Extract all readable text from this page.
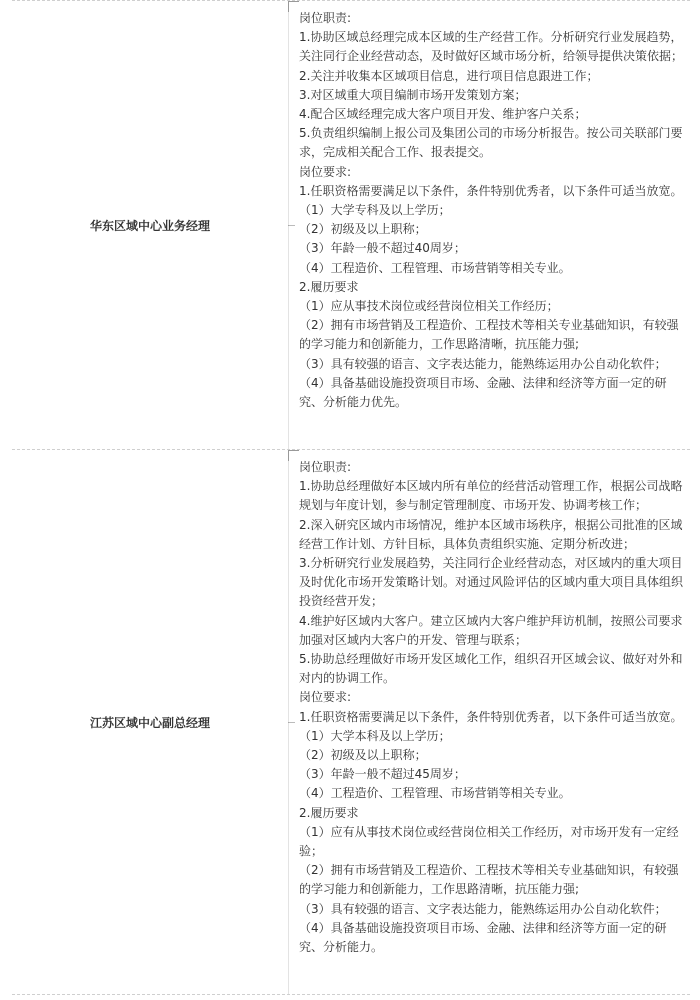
华东区域中心业务经理
岗位职责:
1.协助区域总经理完成本区域的生产经营工作。分析研究行业发展趋势，关注同行企业经营动态，及时做好区域市场分析，给领导提供决策依据；
2.关注并收集本区域项目信息，进行项目信息跟进工作；
3.对区域重大项目编制市场开发策划方案；
4.配合区域经理完成大客户项目开发、维护客户关系；
5.负责组织编制上报公司及集团公司的市场分析报告。按公司关联部门要求，完成相关配合工作、报表提交。
岗位要求:
1.任职资格需要满足以下条件，条件特别优秀者，以下条件可适当放宽。
（1）大学专科及以上学历；
（2）初级及以上职称；
（3）年龄一般不超过40周岁；
（4）工程造价、工程管理、市场营销等相关专业。
2.履历要求
（1）应从事技术岗位或经营岗位相关工作经历；
（2）拥有市场营销及工程造价、工程技术等相关专业基础知识，有较强的学习能力和创新能力，工作思路清晰，抗压能力强;
（3）具有较强的语言、文字表达能力，能熟练运用办公自动化软件；
（4）具备基础设施投资项目市场、金融、法律和经济等方面一定的研究、分析能力优先。
江苏区域中心副总经理
岗位职责:
1.协助总经理做好本区域内所有单位的经营活动管理工作，根据公司战略规划与年度计划，参与制定管理制度、市场开发、协调考核工作；
2.深入研究区域内市场情况，维护本区域市场秩序，根据公司批准的区域经营工作计划、方针目标，具体负责组织实施、定期分析改进；
3.分析研究行业发展趋势，关注同行企业经营动态，对区域内的重大项目及时优化市场开发策略计划。对通过风险评估的区域内重大项目具体组织投资经营开发；
4.维护好区域内大客户。建立区域内大客户维护拜访机制，按照公司要求加强对区域内大客户的开发、管理与联系；
5.协助总经理做好市场开发区域化工作，组织召开区域会议、做好对外和对内的协调工作。
岗位要求:
1.任职资格需要满足以下条件，条件特别优秀者，以下条件可适当放宽。
（1）大学本科及以上学历；
（2）初级及以上职称；
（3）年龄一般不超过45周岁；
（4）工程造价、工程管理、市场营销等相关专业。
2.履历要求
（1）应有从事技术岗位或经营岗位相关工作经历，对市场开发有一定经验；
（2）拥有市场营销及工程造价、工程技术等相关专业基础知识，有较强的学习能力和创新能力，工作思路清晰，抗压能力强;
（3）具有较强的语言、文字表达能力，能熟练运用办公自动化软件；
（4）具备基础设施投资项目市场、金融、法律和经济等方面一定的研究、分析能力。
